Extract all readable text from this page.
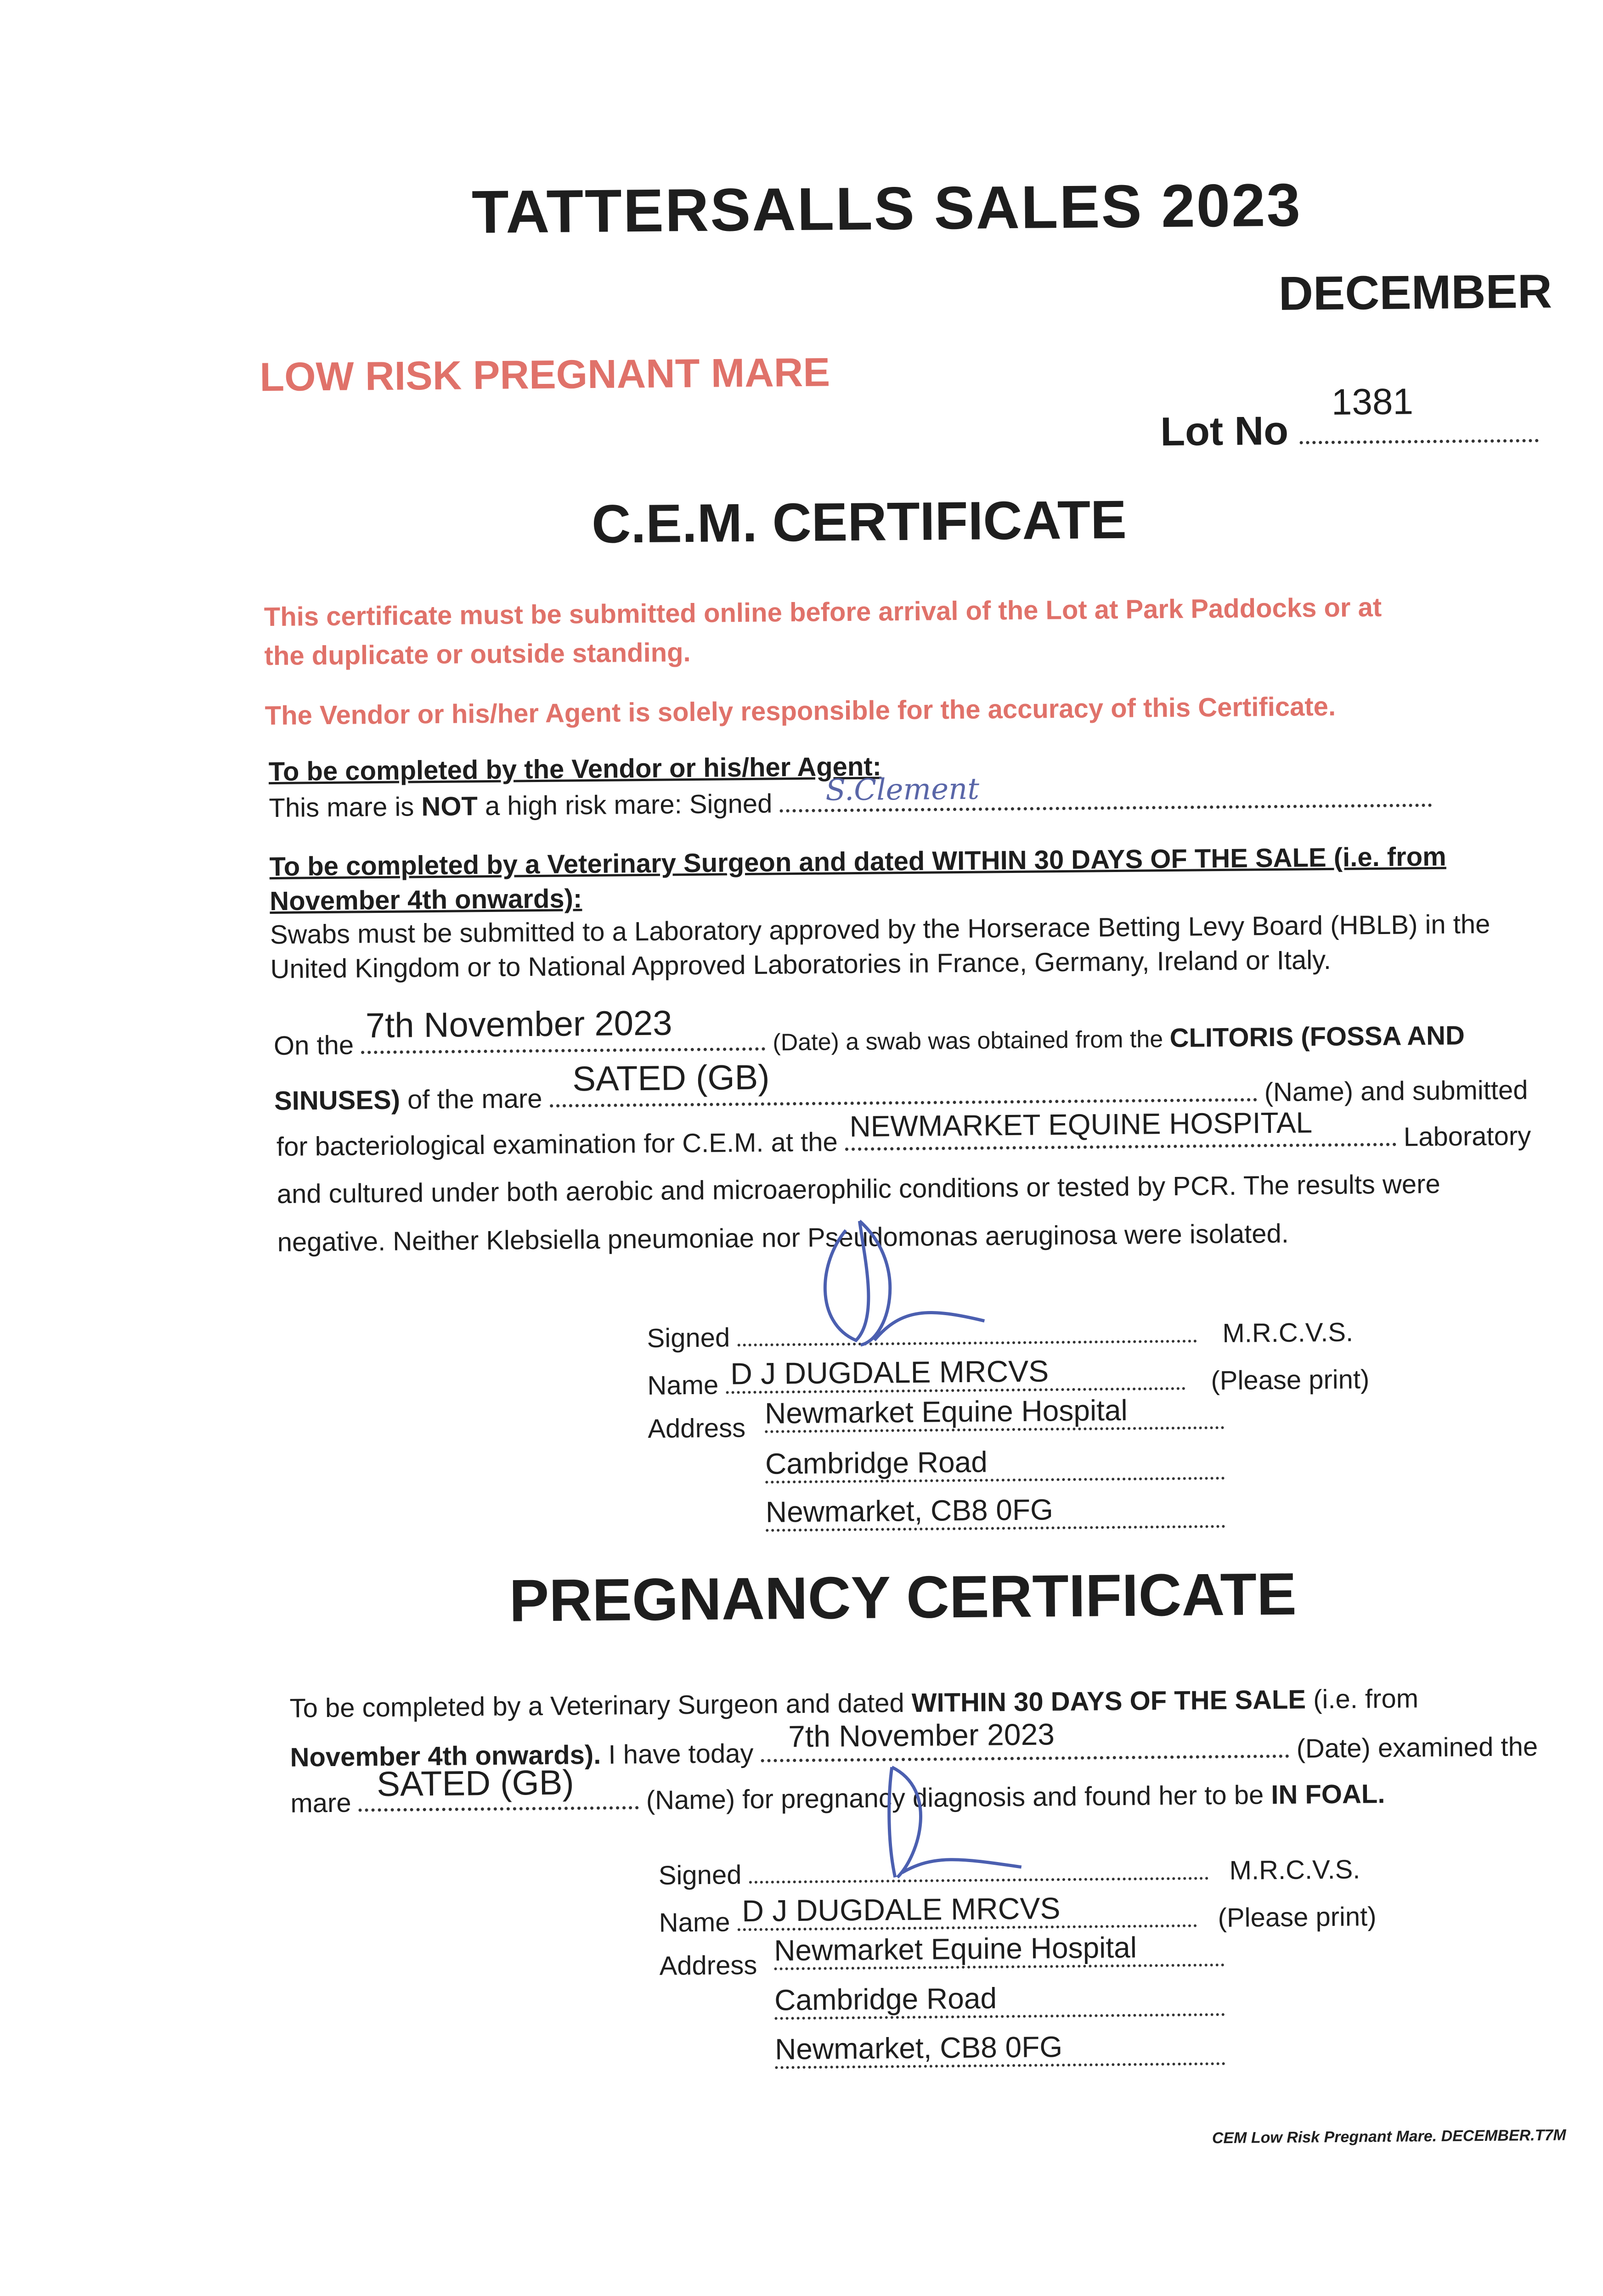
TATTERSALLS SALES 2023
DECEMBER
LOW RISK PREGNANT MARE
Lot No
1381
C.E.M. CERTIFICATE
This certificate must be submitted online before arrival of the Lot at Park Paddocks or at
the duplicate or outside standing.
The Vendor or his/her Agent is solely responsible for the accuracy of this Certificate.
To be completed by the Vendor or his/her Agent:
This mare is NOT a high risk mare: Signed S.Clement
To be completed by a Veterinary Surgeon and dated WITHIN 30 DAYS OF THE SALE (i.e. from
November 4th onwards):
Swabs must be submitted to a Laboratory approved by the Horserace Betting Levy Board (HBLB) in the
United Kingdom or to National Approved Laboratories in France, Germany, Ireland or Italy.
On the
7th November 2023	(Date) a swab was obtained from the CLITORIS (FOSSA AND
SINUSES) of the mare
SATED (GB)	(Name) and submitted
for bacteriological examination for C.E.M. at the
NEWMARKET EQUINE HOSPITAL	Laboratory
and cultured under both aerobic and microaerophilic conditions or tested by PCR. The results were
negative. Neither Klebsiella pneumoniae nor Pseudomonas aeruginosa were isolated.
Signed	M.R.C.V.S.
Name D J DUGDALE MRCVS	(Please print)
Address Newmarket Equine Hospital
Cambridge Road
Newmarket, CB8 0FG
PREGNANCY CERTIFICATE
To be completed by a Veterinary Surgeon and dated WITHIN 30 DAYS OF THE SALE (i.e. from
November 4th onwards). I have today
7th November 2023	(Date) examined the
mare SATED (GB)	(Name) for pregnancy diagnosis and found her to be IN FOAL.
Signed	M.R.C.V.S.
Name D J DUGDALE MRCVS	(Please print)
Address Newmarket Equine Hospital
Cambridge Road
Newmarket, CB8 0FG
CEM Low Risk Pregnant Mare. DECEMBER.T7M
